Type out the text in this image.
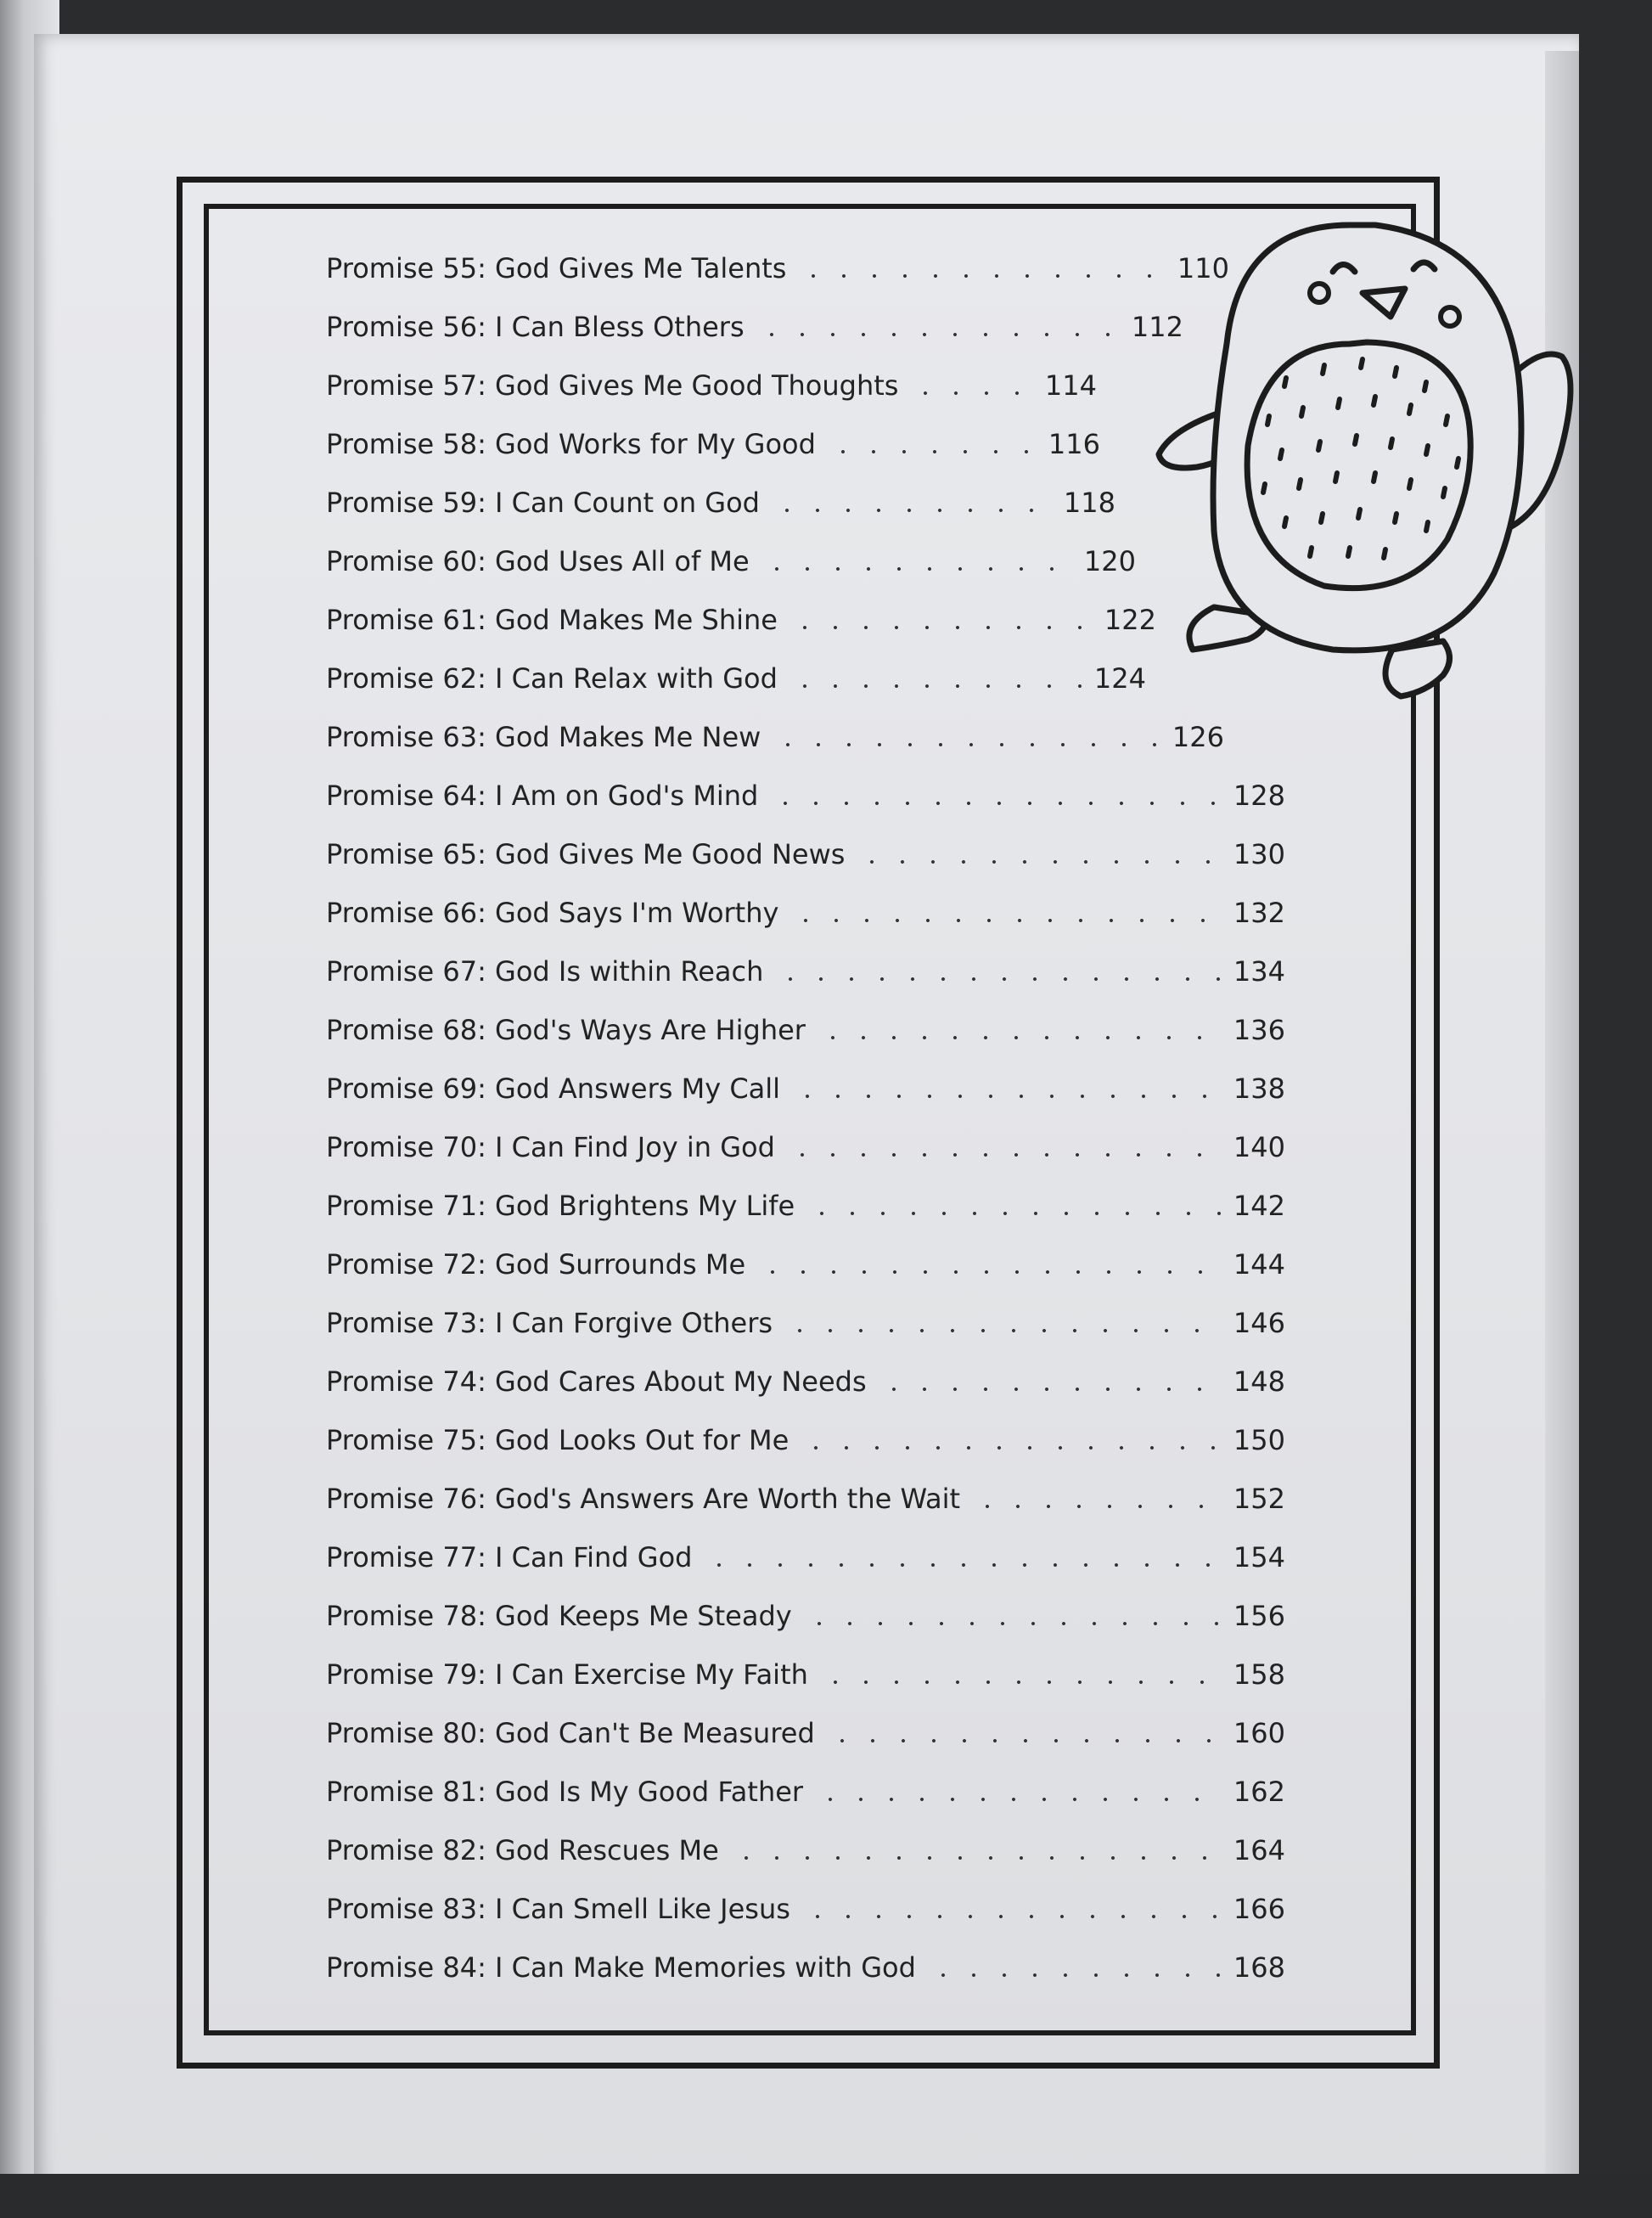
Promise 55: God Gives Me Talents	110
Promise 56: I Can Bless Others	112
Promise 57: God Gives Me Good Thoughts	114
Promise 58: God Works for My Good	116
Promise 59: I Can Count on God	118
Promise 60: God Uses All of Me	120
Promise 61: God Makes Me Shine	122
Promise 62: I Can Relax with God	124
Promise 63: God Makes Me New	126
Promise 64: I Am on God's Mind	128
Promise 65: God Gives Me Good News	130
Promise 66: God Says I'm Worthy	132
Promise 67: God Is within Reach	134
Promise 68: God's Ways Are Higher	136
Promise 69: God Answers My Call	138
Promise 70: I Can Find Joy in God	140
Promise 71: God Brightens My Life	142
Promise 72: God Surrounds Me	144
Promise 73: I Can Forgive Others	146
Promise 74: God Cares About My Needs	148
Promise 75: God Looks Out for Me	150
Promise 76: God's Answers Are Worth the Wait	152
Promise 77: I Can Find God	154
Promise 78: God Keeps Me Steady	156
Promise 79: I Can Exercise My Faith	158
Promise 80: God Can't Be Measured	160
Promise 81: God Is My Good Father	162
Promise 82: God Rescues Me	164
Promise 83: I Can Smell Like Jesus	166
Promise 84: I Can Make Memories with God	168
